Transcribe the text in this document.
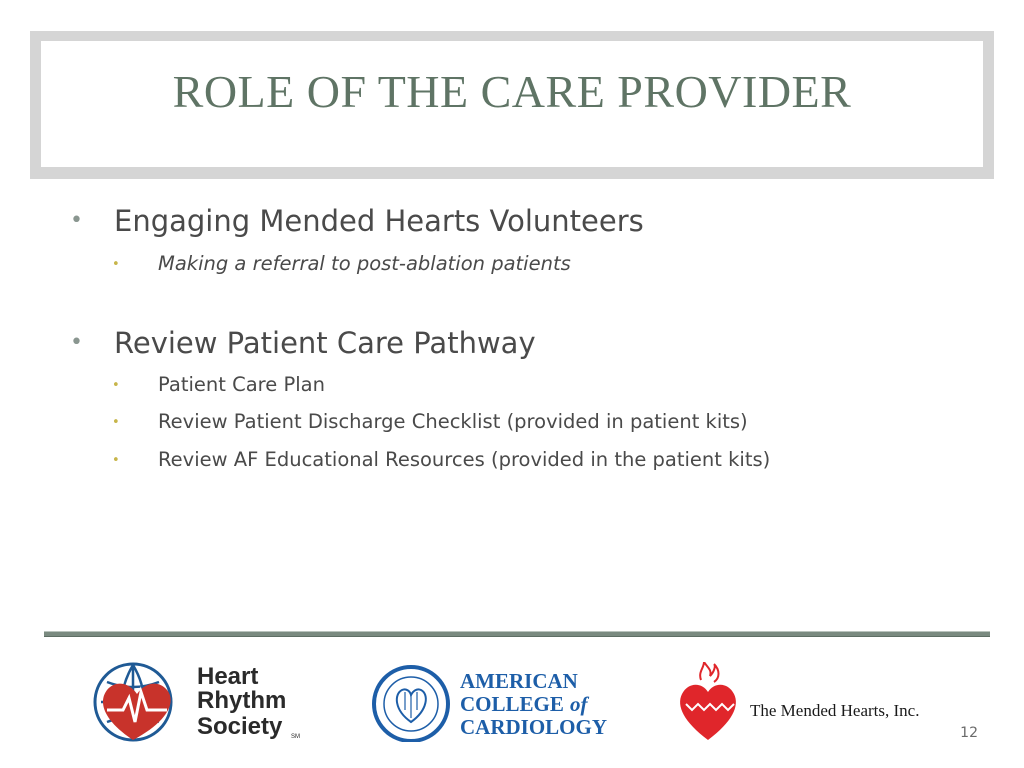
ROLE OF THE CARE PROVIDER
• Engaging Mended Hearts Volunteers
• Making a referral to post-ablation patients
• Review Patient Care Pathway
• Patient Care Plan
• Review Patient Discharge Checklist (provided in patient kits)
• Review AF Educational Resources (provided in the patient kits)
Heart
Rhythm
Society SM
AMERICAN
COLLEGE of
CARDIOLOGY
The Mended Hearts, Inc.
12
